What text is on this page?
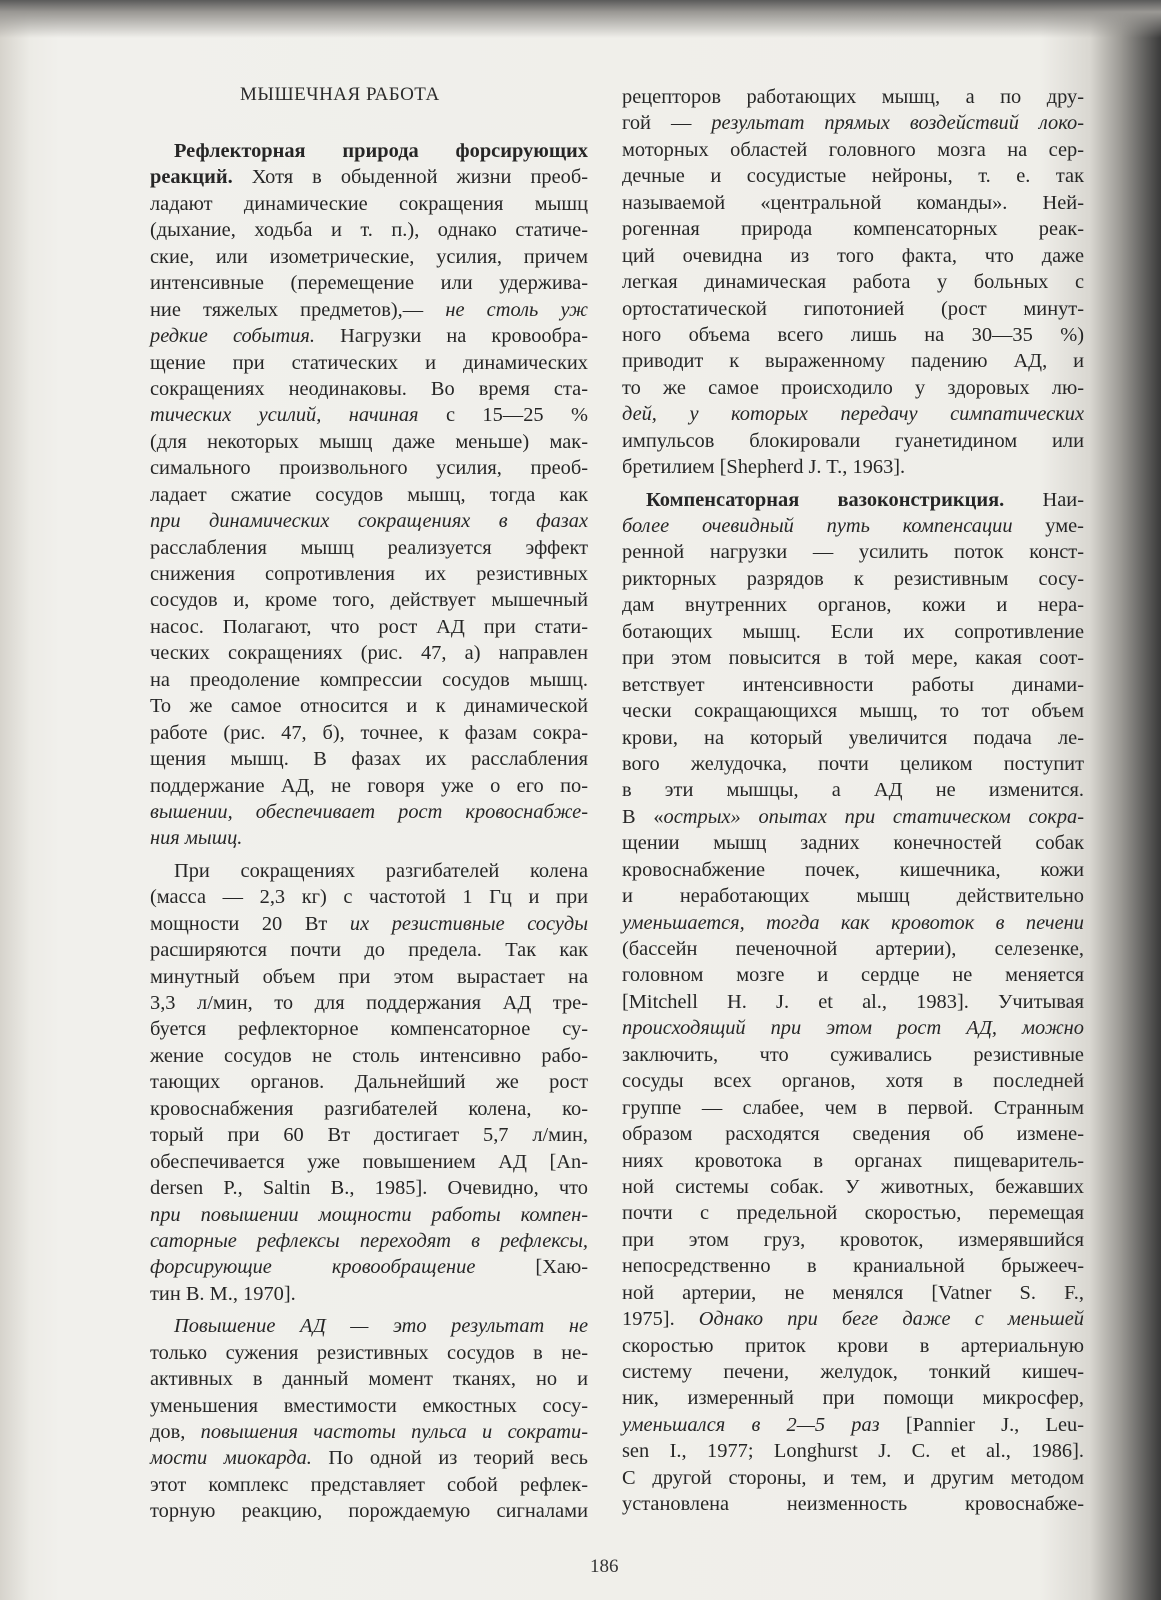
МЫШЕЧНАЯ РАБОТА
Рефлекторная природа форсирующих
реакций. Хотя в обыденной жизни преоб-
ладают динамические сокращения мышц
(дыхание, ходьба и т. п.), однако статиче-
ские, или изометрические, усилия, причем
интенсивные (перемещение или удержива-
ние тяжелых предметов),— не столь уж
редкие события. Нагрузки на кровообра-
щение при статических и динамических
сокращениях неодинаковы. Во время ста-
тических усилий, начиная с 15—25 %
(для некоторых мышц даже меньше) мак-
симального произвольного усилия, преоб-
ладает сжатие сосудов мышц, тогда как
при динамических сокращениях в фазах
расслабления мышц реализуется эффект
снижения сопротивления их резистивных
сосудов и, кроме того, действует мышечный
насос. Полагают, что рост АД при стати-
ческих сокращениях (рис. 47, а) направлен
на преодоление компрессии сосудов мышц.
То же самое относится и к динамической
работе (рис. 47, б), точнее, к фазам сокра-
щения мышц. В фазах их расслабления
поддержание АД, не говоря уже о его по-
вышении, обеспечивает рост кровоснабже-
ния мышц.
При сокращениях разгибателей колена
(масса — 2,3 кг) с частотой 1 Гц и при
мощности 20 Вт их резистивные сосуды
расширяются почти до предела. Так как
минутный объем при этом вырастает на
3,3 л/мин, то для поддержания АД тре-
буется рефлекторное компенсаторное су-
жение сосудов не столь интенсивно рабо-
тающих органов. Дальнейший же рост
кровоснабжения разгибателей колена, ко-
торый при 60 Вт достигает 5,7 л/мин,
обеспечивается уже повышением АД [An-
dersen P., Saltin B., 1985]. Очевидно, что
при повышении мощности работы компен-
саторные рефлексы переходят в рефлексы,
форсирующие кровообращение [Хаю-
тин В. М., 1970].
Повышение АД — это результат не
только сужения резистивных сосудов в не-
активных в данный момент тканях, но и
уменьшения вместимости емкостных сосу-
дов, повышения частоты пульса и сократи-
мости миокарда. По одной из теорий весь
этот комплекс представляет собой рефлек-
торную реакцию, порождаемую сигналами
рецепторов работающих мышц, а по дру-
гой — результат прямых воздействий локо-
моторных областей головного мозга на сер-
дечные и сосудистые нейроны, т. е. так
называемой «центральной команды». Ней-
рогенная природа компенсаторных реак-
ций очевидна из того факта, что даже
легкая динамическая работа у больных с
ортостатической гипотонией (рост минут-
ного объема всего лишь на 30—35 %)
приводит к выраженному падению АД, и
то же самое происходило у здоровых лю-
дей, у которых передачу симпатических
импульсов блокировали гуанетидином или
бретилием [Shepherd J. T., 1963].
Компенсаторная вазоконстрикция. Наи-
более очевидный путь компенсации уме-
ренной нагрузки — усилить поток конст-
рикторных разрядов к резистивным сосу-
дам внутренних органов, кожи и нера-
ботающих мышц. Если их сопротивление
при этом повысится в той мере, какая соот-
ветствует интенсивности работы динами-
чески сокращающихся мышц, то тот объем
крови, на который увеличится подача ле-
вого желудочка, почти целиком поступит
в эти мышцы, а АД не изменится.
В «острых» опытах при статическом сокра-
щении мышц задних конечностей собак
кровоснабжение почек, кишечника, кожи
и неработающих мышц действительно
уменьшается, тогда как кровоток в печени
(бассейн печеночной артерии), селезенке,
головном мозге и сердце не меняется
[Mitchell H. J. et al., 1983]. Учитывая
происходящий при этом рост АД, можно
заключить, что суживались резистивные
сосуды всех органов, хотя в последней
группе — слабее, чем в первой. Странным
образом расходятся сведения об измене-
ниях кровотока в органах пищеваритель-
ной системы собак. У животных, бежавших
почти с предельной скоростью, перемещая
при этом груз, кровоток, измерявшийся
непосредственно в краниальной брыжееч-
ной артерии, не менялся [Vatner S. F.,
1975]. Однако при беге даже с меньшей
скоростью приток крови в артериальную
систему печени, желудок, тонкий кишеч-
ник, измеренный при помощи микросфер,
уменьшался в 2—5 раз [Pannier J., Leu-
sen I., 1977; Longhurst J. C. et al., 1986].
С другой стороны, и тем, и другим методом
установлена неизменность кровоснабже-
186
